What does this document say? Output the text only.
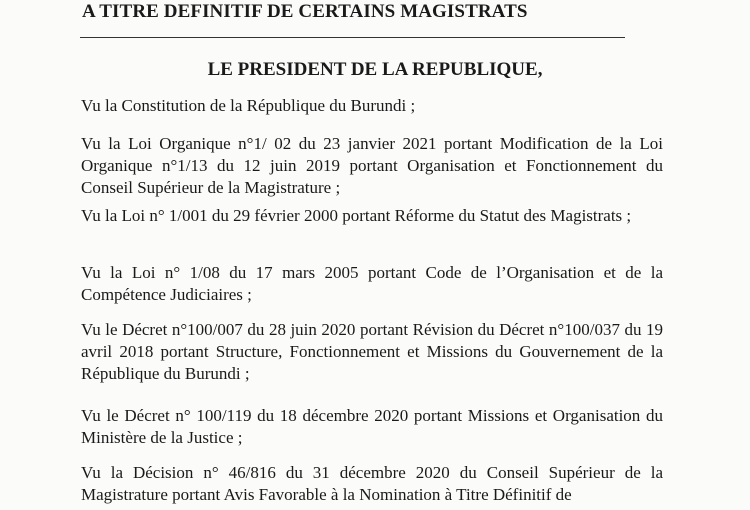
A TITRE DEFINITIF DE CERTAINS MAGISTRATS
LE PRESIDENT DE LA REPUBLIQUE,

Vu la Constitution de la République du Burundi ;

Vu la Loi Organique n°1/ 02 du 23 janvier 2021 portant Modification de la Loi Organique n°1/13 du 12 juin 2019 portant Organisation et Fonctionnement du Conseil Supérieur de la Magistrature ;

Vu la Loi n° 1/001 du 29 février 2000 portant Réforme du Statut des Magistrats ;

Vu la Loi n° 1/08 du 17 mars 2005 portant Code de l’Organisation et de la Compétence Judiciaires ;

Vu le Décret n°100/007 du 28 juin 2020 portant Révision du Décret n°100/037 du 19 avril 2018 portant Structure, Fonctionnement et Missions du Gouvernement de la République du Burundi ;

Vu le Décret n° 100/119 du 18 décembre 2020 portant Missions et Organisation du Ministère de la Justice ;

Vu la Décision n° 46/816 du 31 décembre 2020 du Conseil Supérieur de la Magistrature portant Avis Favorable à la Nomination à Titre Définitif de
